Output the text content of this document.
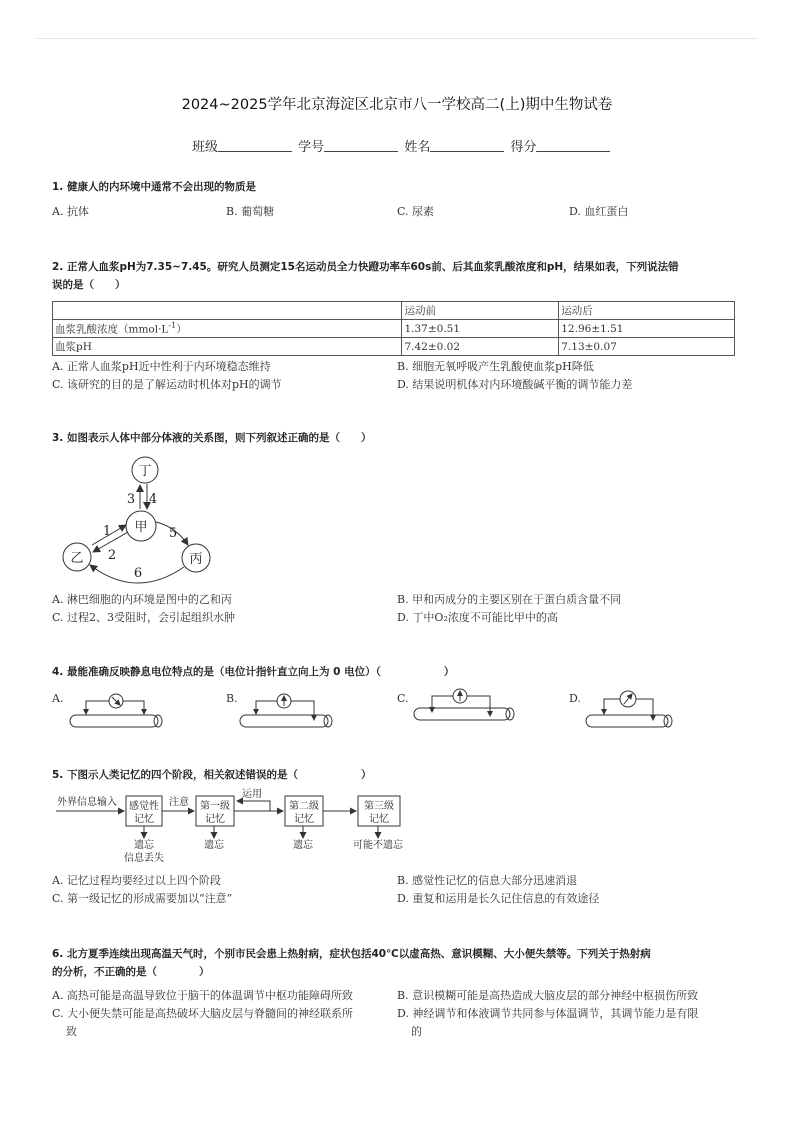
2024~2025学年北京海淀区北京市八一学校高二(上)期中生物试卷
班级	学号	姓名	得分
1. 健康人的内环境中通常不会出现的物质是
A. 抗体	B. 葡萄糖	C. 尿素	D. 血红蛋白
2. 正常人血浆pH为7.35~7.45。研究人员测定15名运动员全力快蹬功率车60s前、后其血浆乳酸浓度和pH，结果如表，下列说法错
误的是（　　）
	运动前	运动后
血浆乳酸浓度$(mmol\cdot L^{-1})$	1.37±0.51	12.96±1.51
血浆pH	7.42±0.02	7.13±0.07
A. 正常人血浆pH近中性利于内环境稳态维持	B. 细胞无氧呼吸产生乳酸使血浆pH降低
C. 该研究的目的是了解运动时机体对pH的调节	D. 结果说明机体对内环境酸碱平衡的调节能力差
3. 如图表示人体中部分体液的关系图，则下列叙述正确的是（　　）
丁
甲
乙	丙
3 4
1
2
5
6
A. 淋巴细胞的内环境是图中的乙和丙	B. 甲和丙成分的主要区别在于蛋白质含量不同
C. 过程2、3受阻时，会引起组织水肿	D. 丁中O₂浓度不可能比甲中的高
4. 最能准确反映静息电位特点的是（电位计指针直立向上为 0 电位）（　　　　　　）
A.	B.	C.	D.
5. 下图示人类记忆的四个阶段，相关叙述错误的是（　　　　　　）
外界信息输入 感觉性
记忆
注意 第一级
记忆
运用
第二级
记忆
第三级
记忆
遗忘
信息丢失
遗忘	遗忘	可能不遗忘
A. 记忆过程均要经过以上四个阶段	B. 感觉性记忆的信息大部分迅速消退
C. 第一级记忆的形成需要加以“注意”	D. 重复和运用是长久记住信息的有效途径
6. 北方夏季连续出现高温天气时，个别市民会患上热射病，症状包括40℃以虚高热、意识模糊、大小便失禁等。下列关于热射病
的分析，不正确的是（　　　　）
A. 高热可能是高温导致位于脑干的体温调节中枢功能障碍所致	B. 意识模糊可能是高热造成大脑皮层的部分神经中枢损伤所致
C. 大小便失禁可能是高热破坏大脑皮层与脊髓间的神经联系所
致
D. 神经调节和体液调节共同参与体温调节，其调节能力是有限
的
